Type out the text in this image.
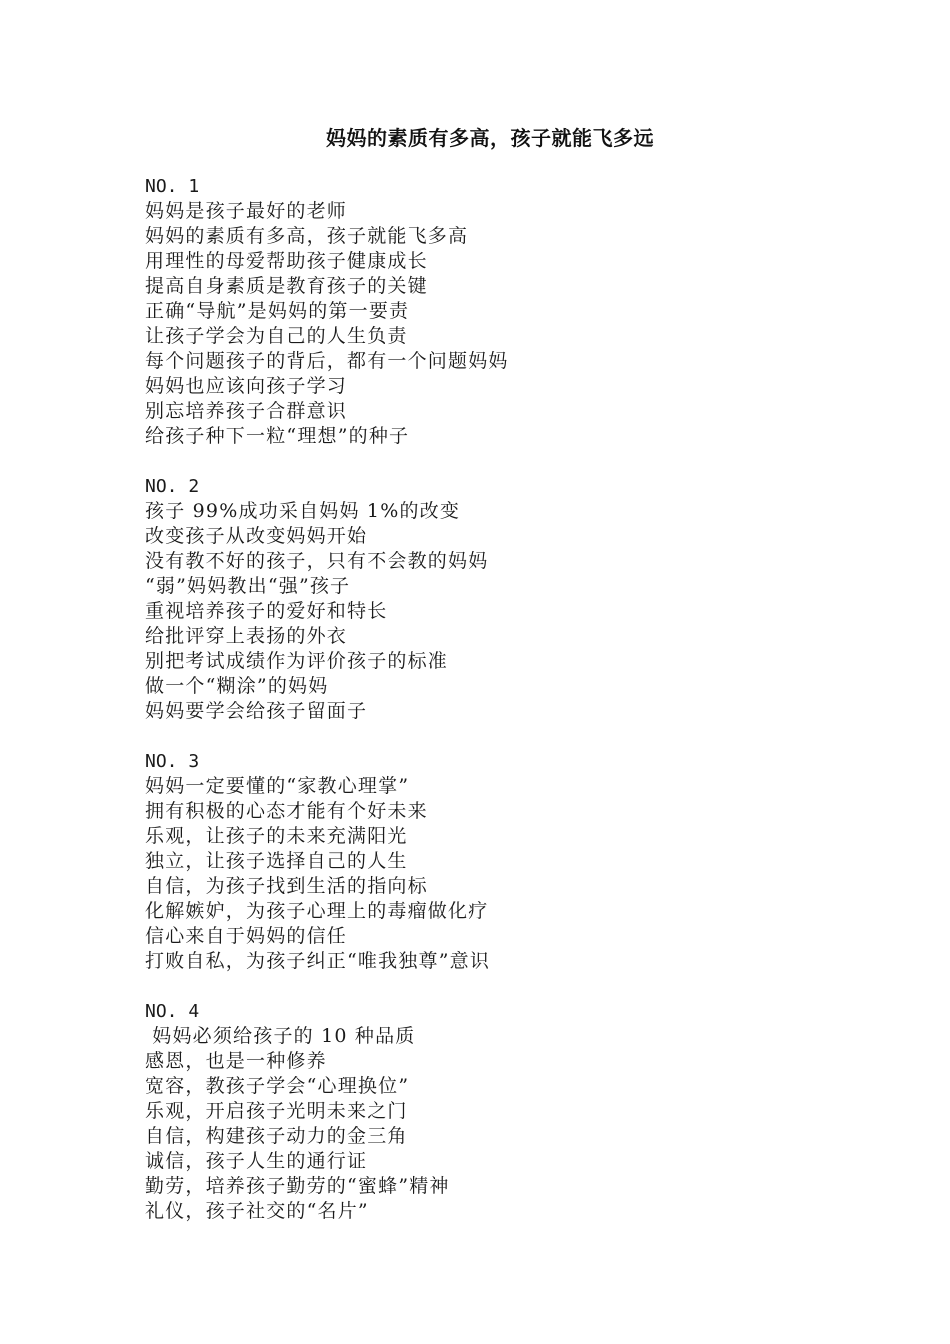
妈妈的素质有多高，孩子就能飞多远
NO. 1
妈妈是孩子最好的老师
妈妈的素质有多高，孩子就能飞多高
用理性的母爱帮助孩子健康成长
提高自身素质是教育孩子的关键
正确“导航”是妈妈的第一要责
让孩子学会为自己的人生负责
每个问题孩子的背后，都有一个问题妈妈
妈妈也应该向孩子学习
别忘培养孩子合群意识
给孩子种下一粒“理想”的种子
NO. 2
孩子 99%成功采自妈妈 1%的改变
改变孩子从改变妈妈开始
没有教不好的孩子，只有不会教的妈妈
“弱”妈妈教出“强”孩子
重视培养孩子的爱好和特长
给批评穿上表扬的外衣
别把考试成绩作为评价孩子的标准
做一个“糊涂”的妈妈
妈妈要学会给孩子留面子
NO. 3
妈妈一定要懂的“家教心理掌”
拥有积极的心态才能有个好未来
乐观，让孩子的未来充满阳光
独立，让孩子选择自己的人生
自信，为孩子找到生活的指向标
化解嫉妒，为孩子心理上的毒瘤做化疗
信心来自于妈妈的信任
打败自私，为孩子纠正“唯我独尊”意识
NO. 4
妈妈必须给孩子的 10 种品质
感恩，也是一种修养
宽容，教孩子学会“心理换位”
乐观，开启孩子光明未来之门
自信，构建孩子动力的金三角
诚信，孩子人生的通行证
勤劳，培养孩子勤劳的“蜜蜂”精神
礼仪，孩子社交的“名片”
